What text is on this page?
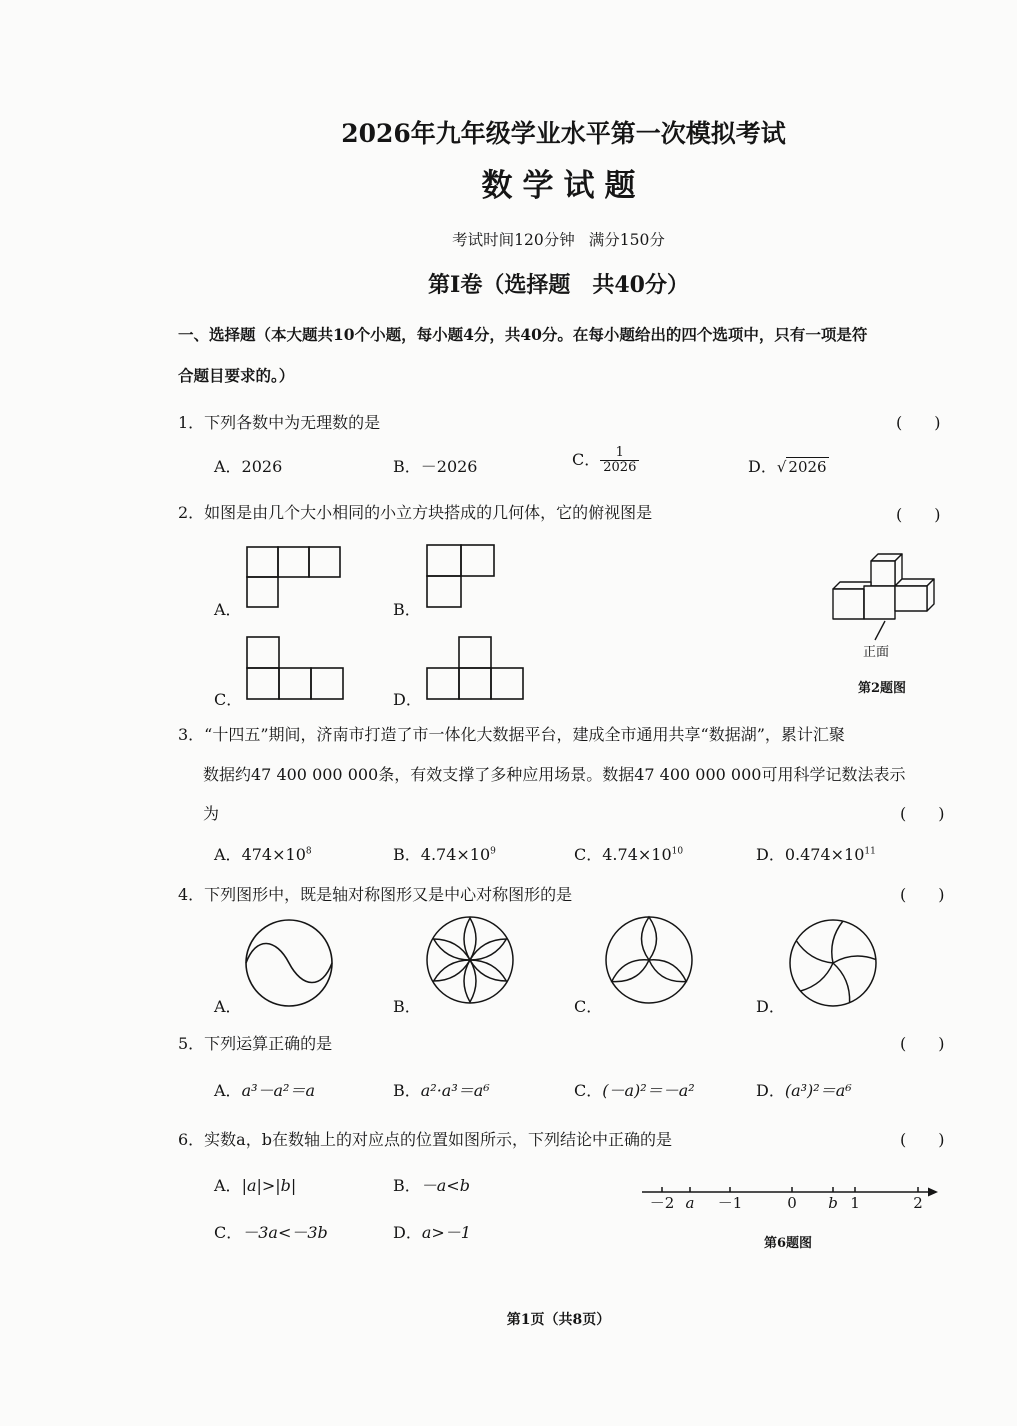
2026年九年级学业水平第一次模拟考试
数学试题
考试时间120分钟 满分150分
第I卷（选择题　共40分）
一、选择题（本大题共10个小题，每小题4分，共40分。在每小题给出的四个选项中，只有一项是符
合题目要求的。）
1．下列各数中为无理数的是	(　　)
A．2026	B．－2026	C． $\frac{1}{2026}$	D．√ 2026
2．如图是由几个大小相同的小立方块搭成的几何体，它的俯视图是	(　　)
A．	B．
C．	D．
正面
第2题图
3．“十四五”期间，济南市打造了市一体化大数据平台，建成全市通用共享“数据湖”，累计汇聚
数据约47 400 000 000条，有效支撑了多种应用场景。数据47 400 000 000可用科学记数法表示
为	(　　)
A．$474\times 10^8$	B．$4.74\times 10^9$	C．$4.74\times 10^{10}$	D．$0.474\times 10^{11}$
4．下列图形中，既是轴对称图形又是中心对称图形的是	(　　)
A．	B．	C．	D．
5．下列运算正确的是	(　　)
A．a³－a²＝a	B．a²·a³＝a⁶	C．(－a)²＝－a²	D．(a³)²＝a⁶
6．实数a，b在数轴上的对应点的位置如图所示，下列结论中正确的是	(　　)
A．|a|>|b|	B．－a<b
C．－3a<－3b	D．a>－1
－2 a －1	0 b 1	2
第6题图
第1页（共8页）
